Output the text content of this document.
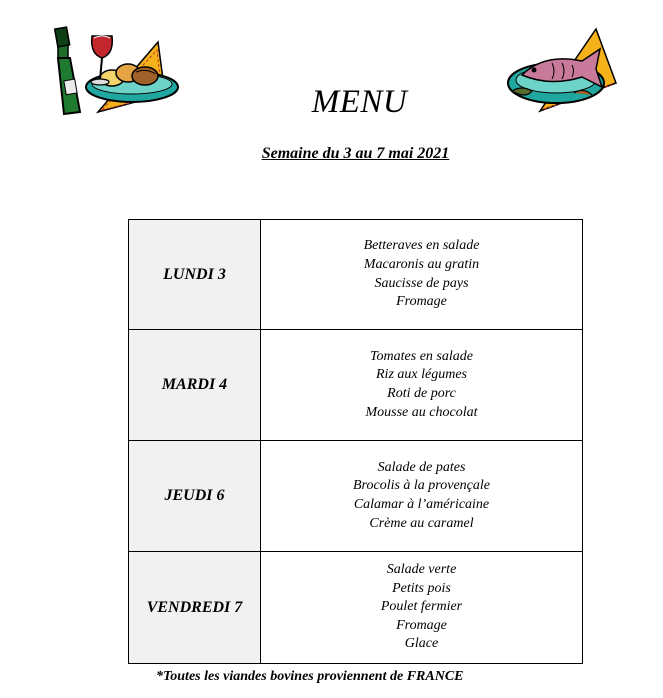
MENU
Semaine du 3 au 7 mai 2021
LUNDI 3	Betteraves en salade
Macaronis au gratin
Saucisse de pays
Fromage

MARDI 4	Tomates en salade
Riz aux légumes
Roti de porc
Mousse au chocolat

JEUDI 6	Salade de pates
Brocolis à la provençale
Calamar à l’américaine
Crème au caramel

VENDREDI 7	Salade verte
Petits pois
Poulet fermier
Fromage
Glace
*Toutes les viandes bovines proviennent de FRANCE
